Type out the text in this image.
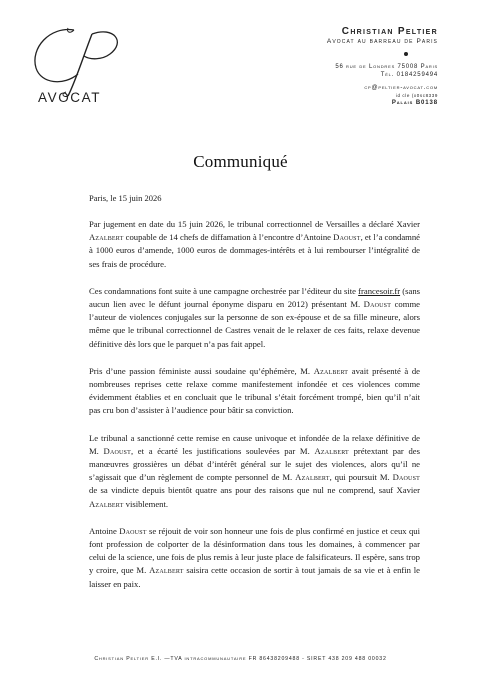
AVOCAT
Christian Peltier
Avocat au barreau de Paris
56 rue de Londres 75008 Paris
Tél. 0184259494
cp@peltier-avocat.com
id cle (x0sc8339
Palais B0138
Communiqué
Paris, le 15 juin 2026

Par jugement en date du 15 juin 2026, le tribunal correctionnel de Versailles a déclaré Xavier Azalbert coupable de 14 chefs de diffamation à l’encontre d’Antoine Daoust, et l’a condamné à 1000 euros d’amende, 1000 euros de dommages-intérêts et à lui rembourser l’intégralité de ses frais de procédure.

Ces condamnations font suite à une campagne orchestrée par l’éditeur du site francesoir.fr (sans aucun lien avec le défunt journal éponyme disparu en 2012) présentant M. Daoust comme l’auteur de violences conjugales sur la personne de son ex-épouse et de sa fille mineure, alors même que le tribunal correctionnel de Castres venait de le relaxer de ces faits, relaxe devenue définitive dès lors que le parquet n’a pas fait appel.

Pris d’une passion féministe aussi soudaine qu’éphémère, M. Azalbert avait présenté à de nombreuses reprises cette relaxe comme manifestement infondée et ces violences comme évidemment établies et en concluait que le tribunal s’était forcément trompé, bien qu’il n’ait pas cru bon d’assister à l’audience pour bâtir sa conviction.

Le tribunal a sanctionné cette remise en cause univoque et infondée de la relaxe définitive de M. Daoust, et a écarté les justifications soulevées par M. Azalbert prétextant par des manœuvres grossières un débat d’intérêt général sur le sujet des violences, alors qu’il ne s’agissait que d’un règlement de compte personnel de M. Azalbert, qui poursuit M. Daoust de sa vindicte depuis bientôt quatre ans pour des raisons que nul ne comprend, sauf Xavier Azalbert visiblement.

Antoine Daoust se réjouit de voir son honneur une fois de plus confirmé en justice et ceux qui font profession de colporter de la désinformation dans tous les domaines, à commencer par celui de la science, une fois de plus remis à leur juste place de falsificateurs. Il espère, sans trop y croire, que M. Azalbert saisira cette occasion de sortir à tout jamais de sa vie et à enfin le laisser en paix.

Christian Peltier E.I. —TVA intracommunautaire FR 86438209488 - SIRET 438 209 488 00032
